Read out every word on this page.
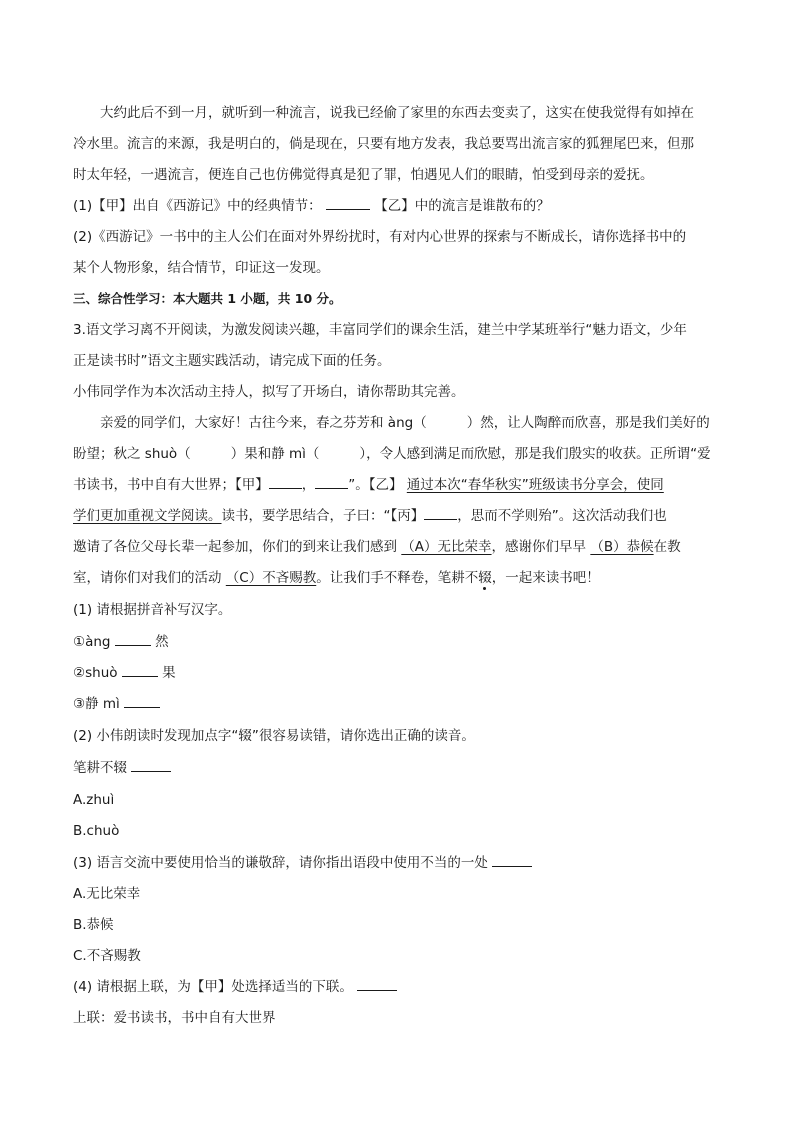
大约此后不到一月，就听到一种流言，说我已经偷了家里的东西去变卖了，这实在使我觉得有如掉在

冷水里。流言的来源，我是明白的，倘是现在，只要有地方发表，我总要骂出流言家的狐狸尾巴来，但那

时太年轻，一遇流言，便连自己也仿佛觉得真是犯了罪，怕遇见人们的眼睛，怕受到母亲的爱抚。

(1)【甲】出自《西游记》中的经典情节：	【乙】中的流言是谁散布的？

(2)《西游记》一书中的主人公们在面对外界纷扰时，有对内心世界的探索与不断成长，请你选择书中的

某个人物形象，结合情节，印证这一发现。

三、综合性学习：本大题共 1 小题，共 10 分。

3.语文学习离不开阅读，为激发阅读兴趣，丰富同学们的课余生活，建兰中学某班举行“魅力语文，少年

正是读书时”语文主题实践活动，请完成下面的任务。

小伟同学作为本次活动主持人，拟写了开场白，请你帮助其完善。

亲爱的同学们，大家好！古往今来，春之芬芳和 àng（	）然，让人陶醉而欣喜，那是我们美好的

盼望；秋之 shuò（	）果和静 mì（	），令人感到满足而欣慰，那是我们殷实的收获。正所谓“爱

书读书，书中自有大世界；【甲】 ， ”。【乙】 通过本次“春华秋实”班级读书分享会，使同

学们更加重视文学阅读。读书，要学思结合，子曰：“【丙】 ，思而不学则殆”。这次活动我们也

邀请了各位父母长辈一起参加，你们的到来让我们感到 （A）无比荣幸，感谢你们早早 （B）恭候在教

室，请你们对我们的活动 （C）不吝赐教。让我们手不释卷，笔耕不辍，一起来读书吧！

(1) 请根据拼音补写汉字。

①àng	然

②shuò	果

③静 mì

(2) 小伟朗读时发现加点字“辍”很容易读错，请你选出正确的读音。

笔耕不辍

A.zhuì

B.chuò

(3) 语言交流中要使用恰当的谦敬辞，请你指出语段中使用不当的一处

A.无比荣幸

B.恭候

C.不吝赐教

(4) 请根据上联，为【甲】处选择适当的下联。

上联：爱书读书，书中自有大世界
